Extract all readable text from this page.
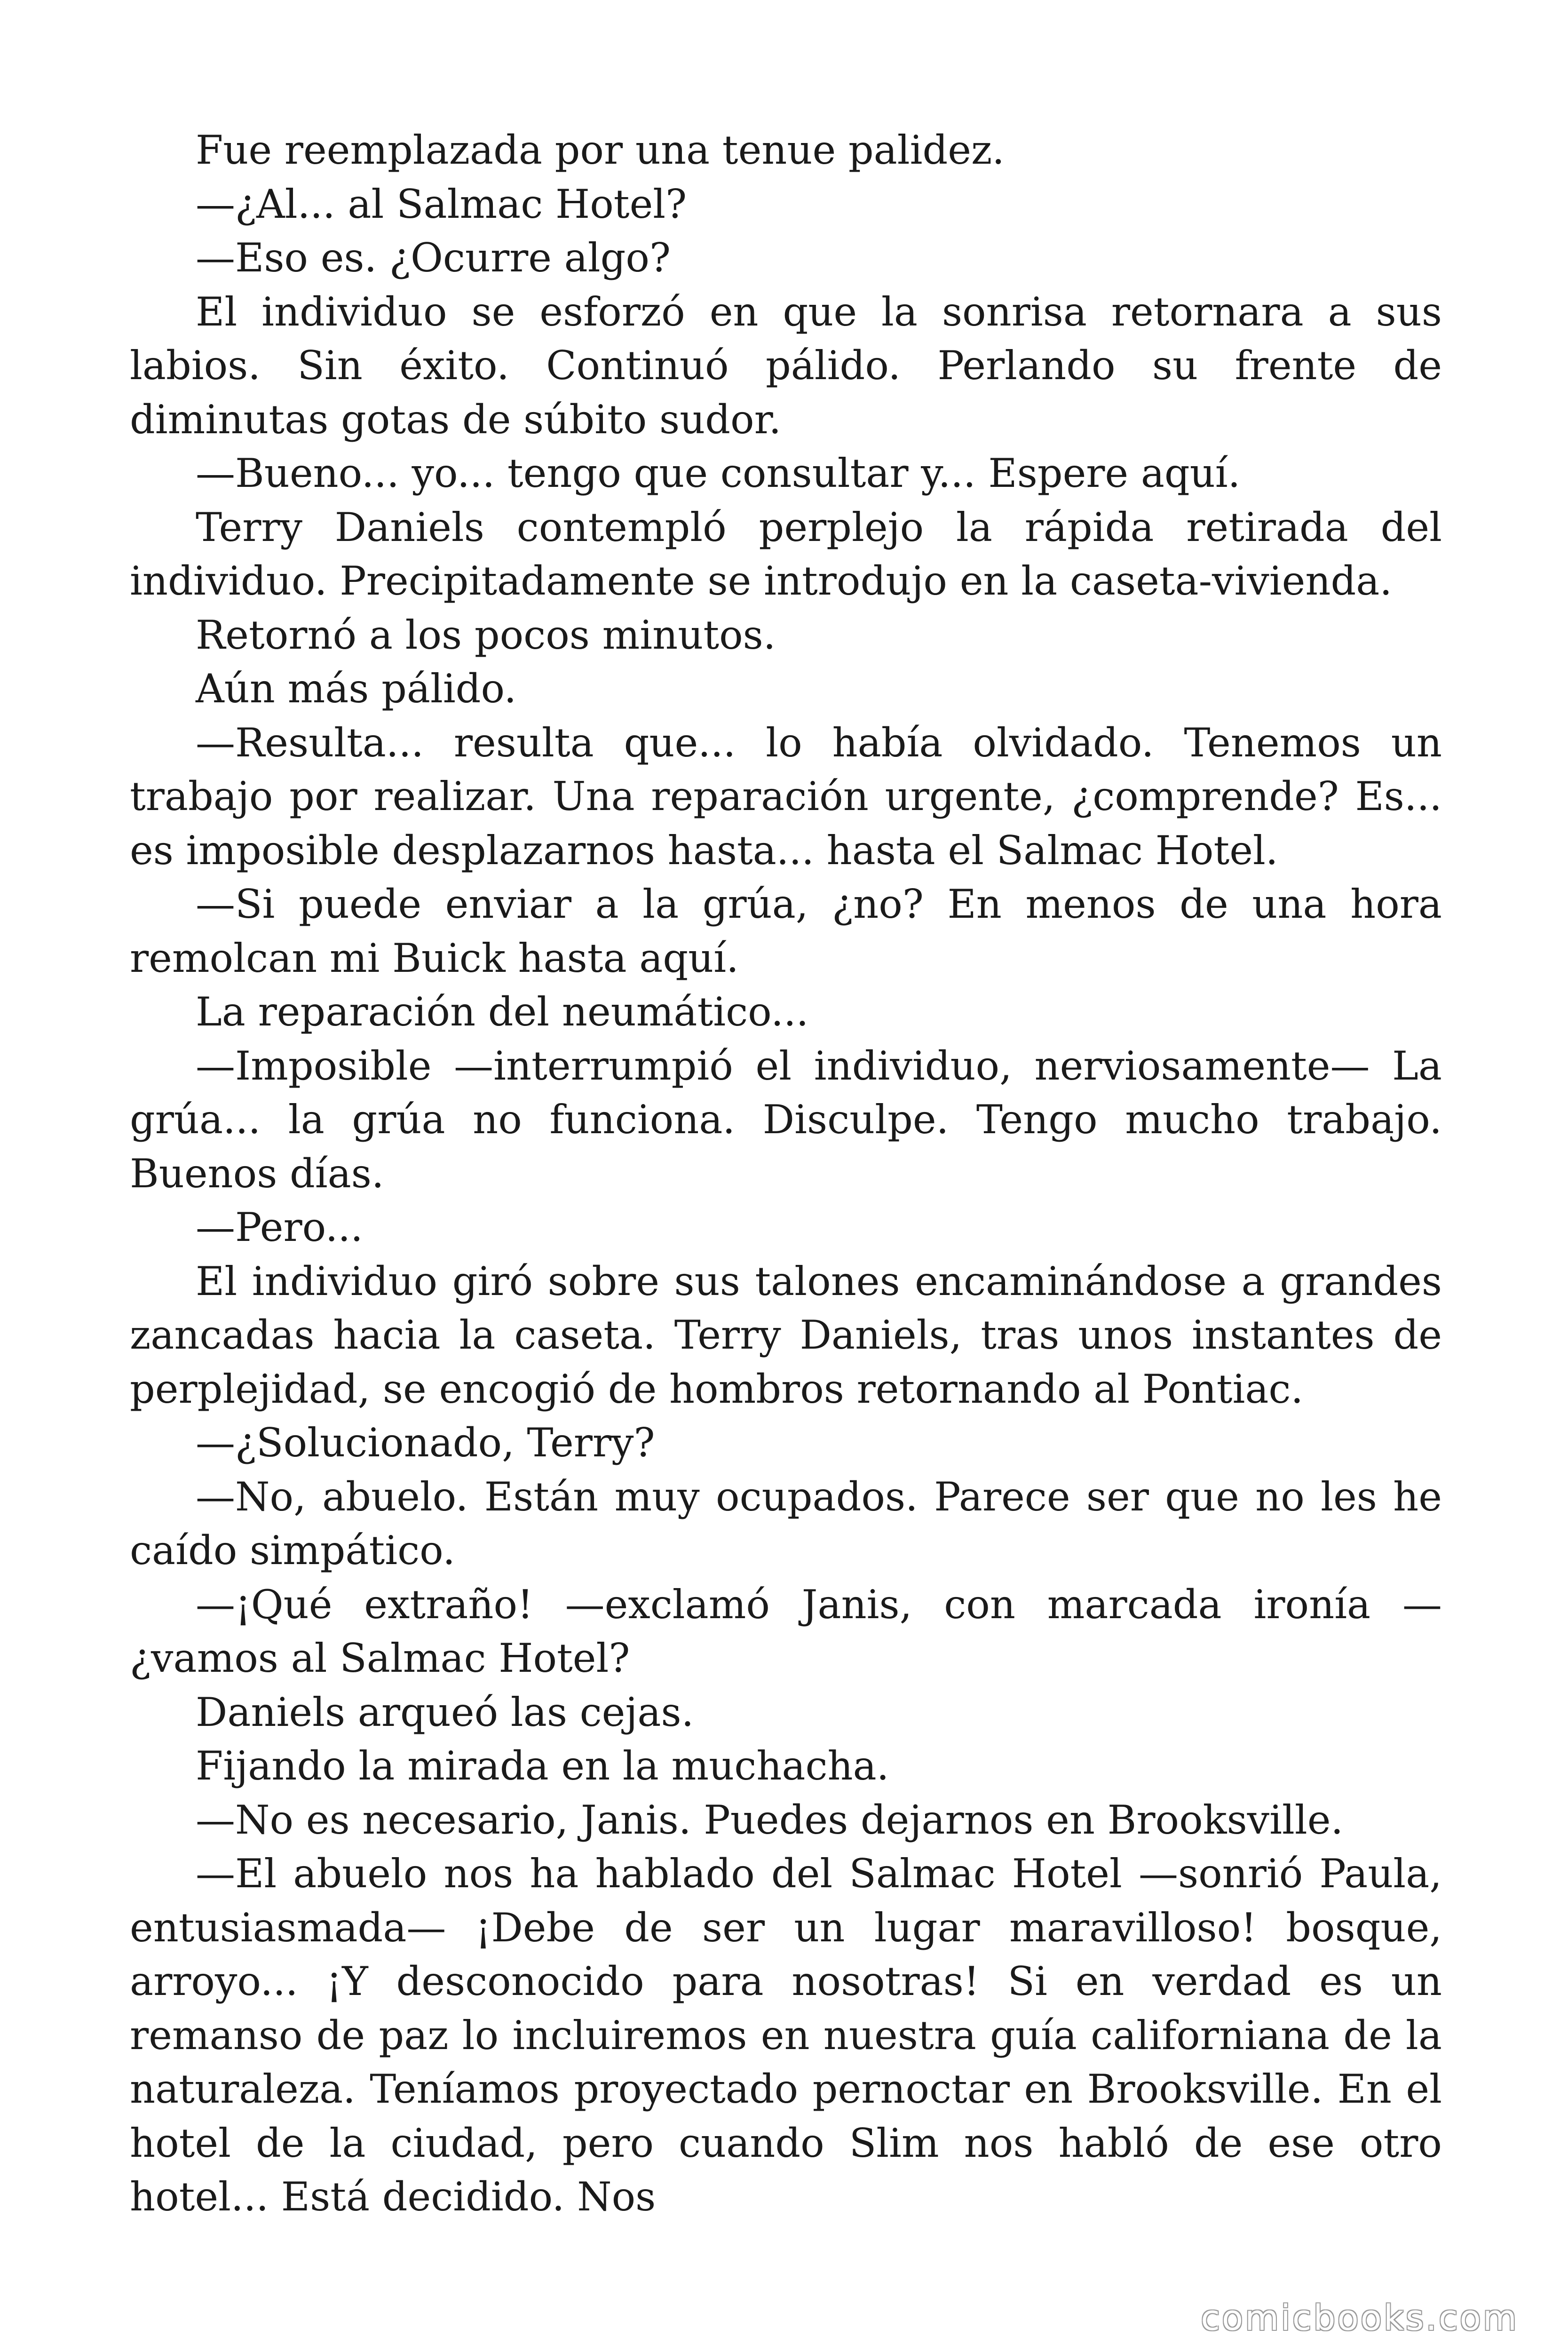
Fue reemplazada por una tenue palidez.

—¿Al... al Salmac Hotel?

—Eso es. ¿Ocurre algo?

El individuo se esforzó en que la sonrisa retornara a sus labios. Sin éxito. Continuó pálido. Perlando su frente de diminutas gotas de súbito sudor.

—Bueno... yo... tengo que consultar y... Espere aquí.

Terry Daniels contempló perplejo la rápida retirada del individuo. Precipitadamente se introdujo en la caseta-vivienda.

Retornó a los pocos minutos.

Aún más pálido.

—Resulta... resulta que... lo había olvidado. Tenemos un trabajo por realizar. Una reparación urgente, ¿comprende? Es... es imposible desplazarnos hasta... hasta el Salmac Hotel.

—Si puede enviar a la grúa, ¿no? En menos de una hora remolcan mi Buick hasta aquí.

La reparación del neumático...

—Imposible —interrumpió el individuo, nerviosamente— La grúa... la grúa no funciona. Disculpe. Tengo mucho trabajo. Buenos días.

—Pero...

El individuo giró sobre sus talones encaminándose a grandes zancadas hacia la caseta. Terry Daniels, tras unos instantes de perplejidad, se encogió de hombros retornando al Pontiac.

—¿Solucionado, Terry?

—No, abuelo. Están muy ocupados. Parece ser que no les he caído simpático.

—¡Qué extraño! —exclamó Janis, con marcada ironía — ¿vamos al Salmac Hotel?

Daniels arqueó las cejas.

Fijando la mirada en la muchacha.

—No es necesario, Janis. Puedes dejarnos en Brooksville.

—El abuelo nos ha hablado del Salmac Hotel —sonrió Paula, entusiasmada— ¡Debe de ser un lugar maravilloso! bosque, arroyo... ¡Y desconocido para nosotras! Si en verdad es un remanso de paz lo incluiremos en nuestra guía californiana de la naturaleza. Teníamos proyectado pernoctar en Brooksville. En el hotel de la ciudad, pero cuando Slim nos habló de ese otro hotel... Está decidido. Nos

comicbooks.com
